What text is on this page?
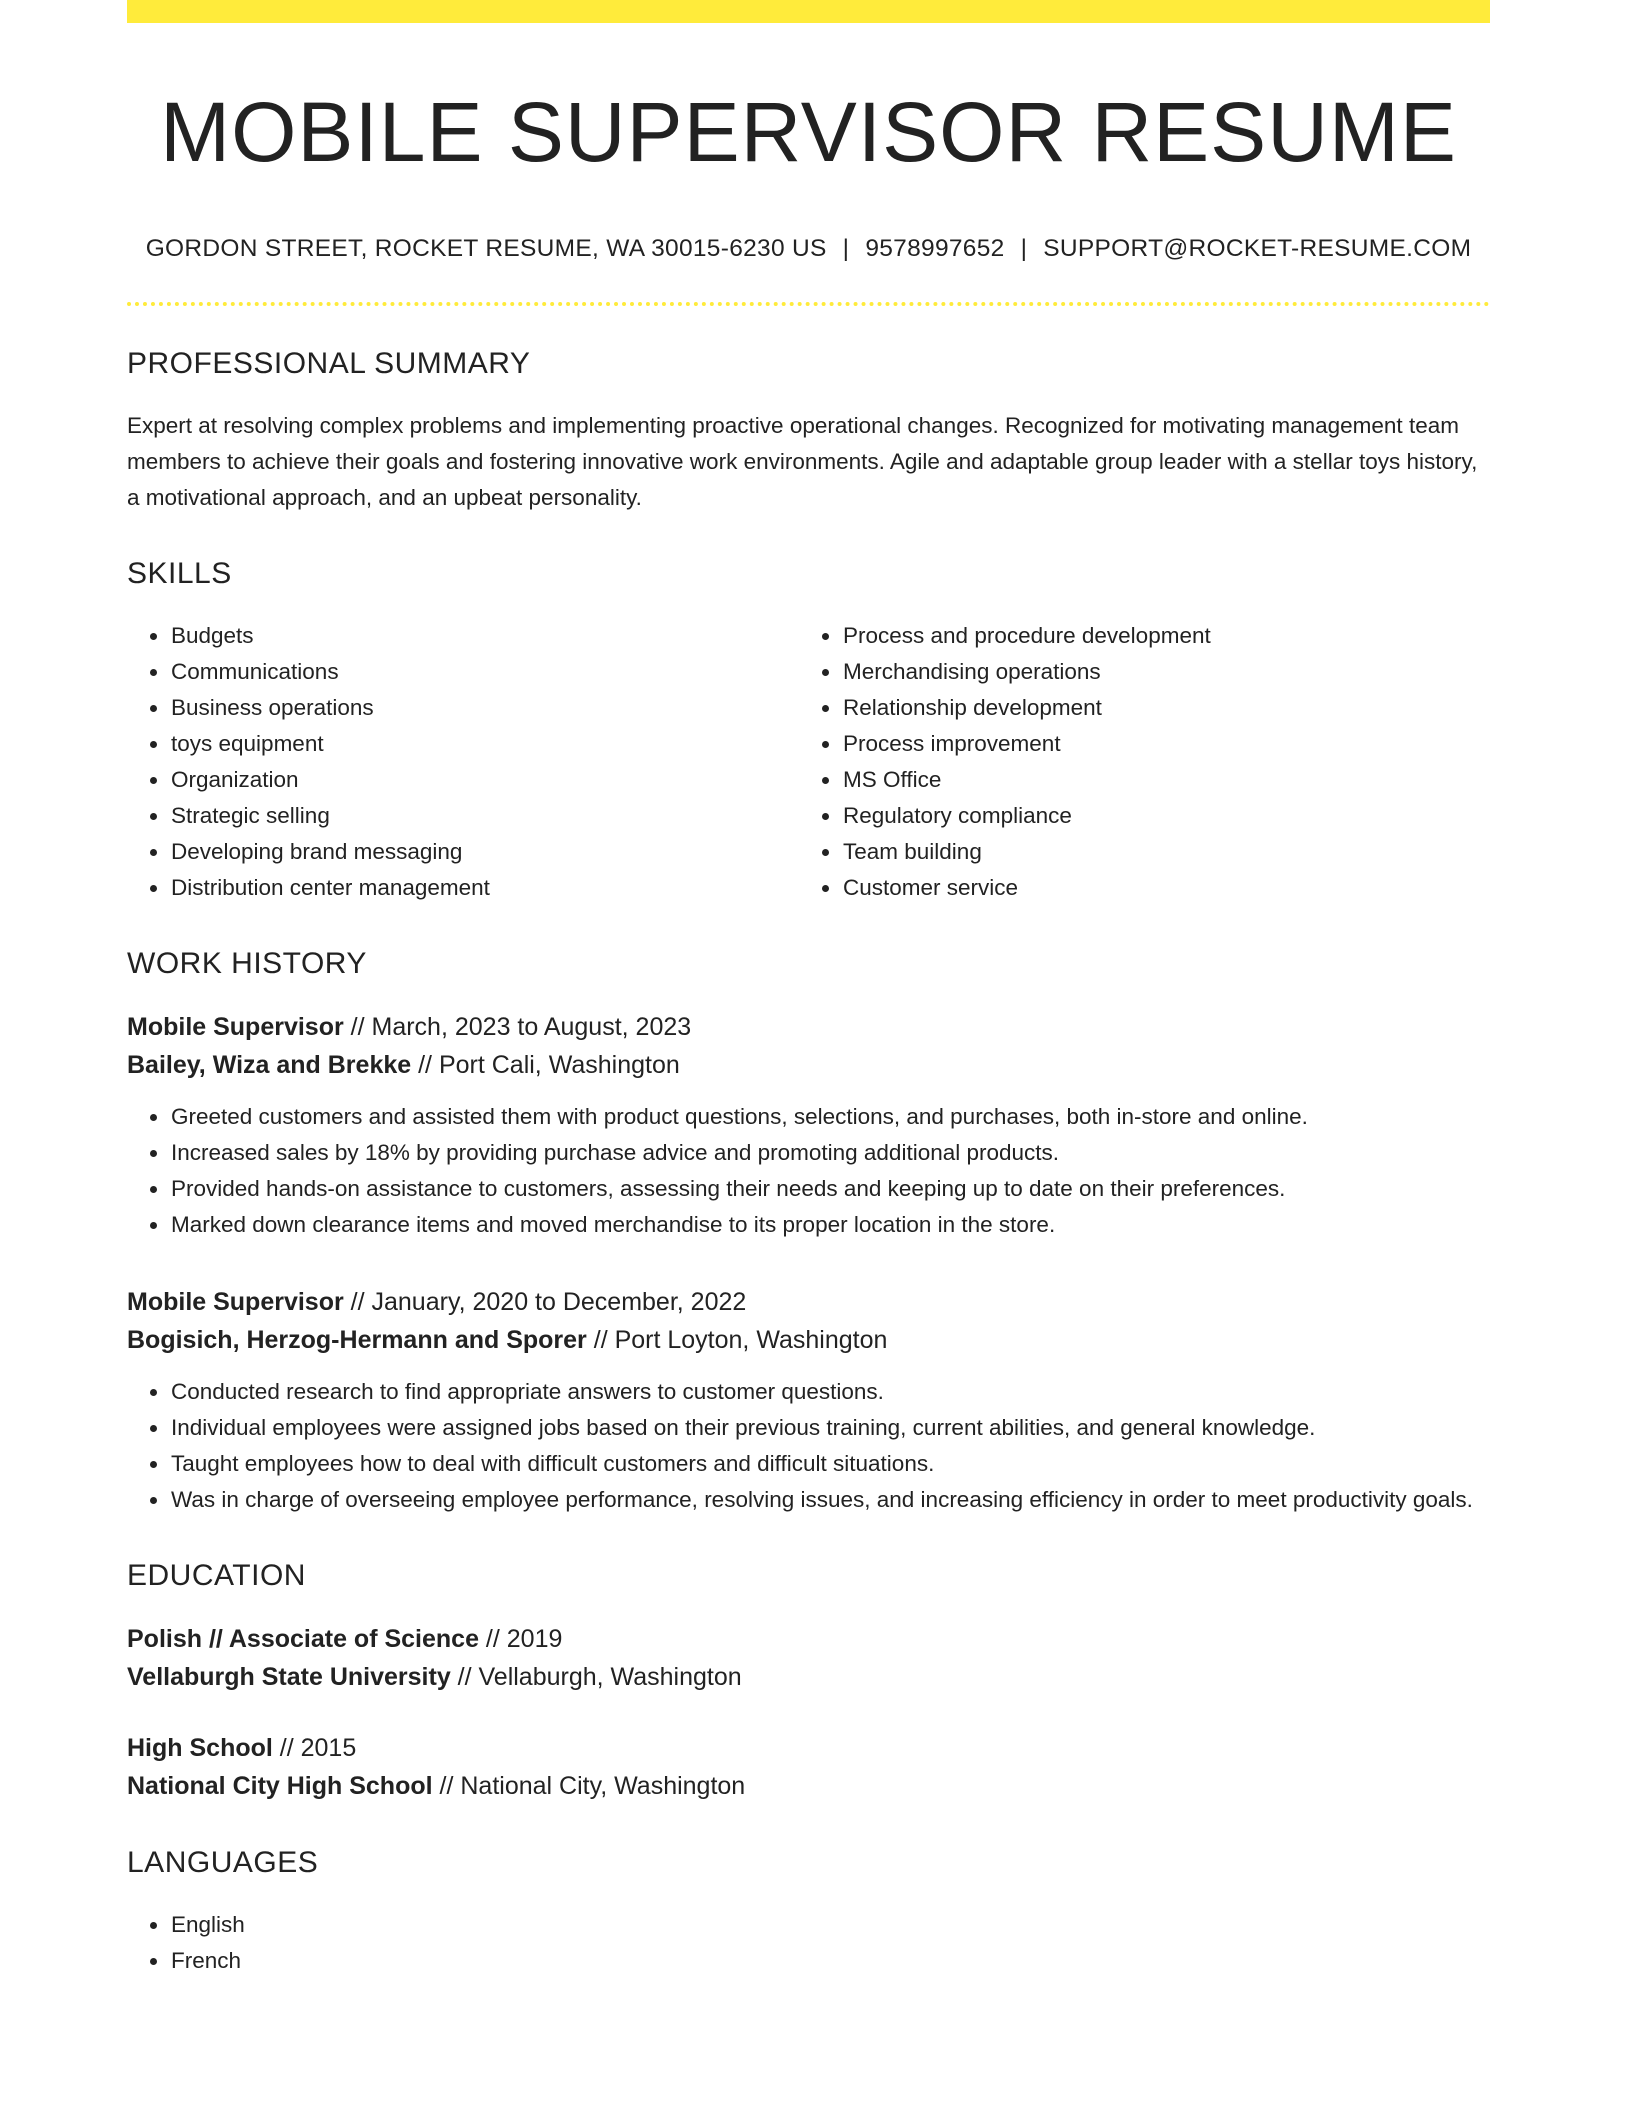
MOBILE SUPERVISOR RESUME
GORDON STREET, ROCKET RESUME, WA 30015-6230 US | 9578997652 | SUPPORT@ROCKET-RESUME.COM
PROFESSIONAL SUMMARY

Expert at resolving complex problems and implementing proactive operational changes. Recognized for motivating management team members to achieve their goals and fostering innovative work environments. Agile and adaptable group leader with a stellar toys history, a motivational approach, and an upbeat personality.

SKILLS
• Budgets
• Communications
• Business operations
• toys equipment
• Organization
• Strategic selling
• Developing brand messaging
• Distribution center management
• Process and procedure development
• Merchandising operations
• Relationship development
• Process improvement
• MS Office
• Regulatory compliance
• Team building
• Customer service
WORK HISTORY
Mobile Supervisor // March, 2023 to August, 2023
Bailey, Wiza and Brekke // Port Cali, Washington
• Greeted customers and assisted them with product questions, selections, and purchases, both in-store and online.
• Increased sales by 18% by providing purchase advice and promoting additional products.
• Provided hands-on assistance to customers, assessing their needs and keeping up to date on their preferences.
• Marked down clearance items and moved merchandise to its proper location in the store.
Mobile Supervisor // January, 2020 to December, 2022
Bogisich, Herzog-Hermann and Sporer // Port Loyton, Washington
• Conducted research to find appropriate answers to customer questions.
• Individual employees were assigned jobs based on their previous training, current abilities, and general knowledge.
• Taught employees how to deal with difficult customers and difficult situations.
• Was in charge of overseeing employee performance, resolving issues, and increasing efficiency in order to meet productivity goals.
EDUCATION
Polish // Associate of Science // 2019
Vellaburgh State University // Vellaburgh, Washington
High School // 2015
National City High School // National City, Washington
LANGUAGES
• English
• French
